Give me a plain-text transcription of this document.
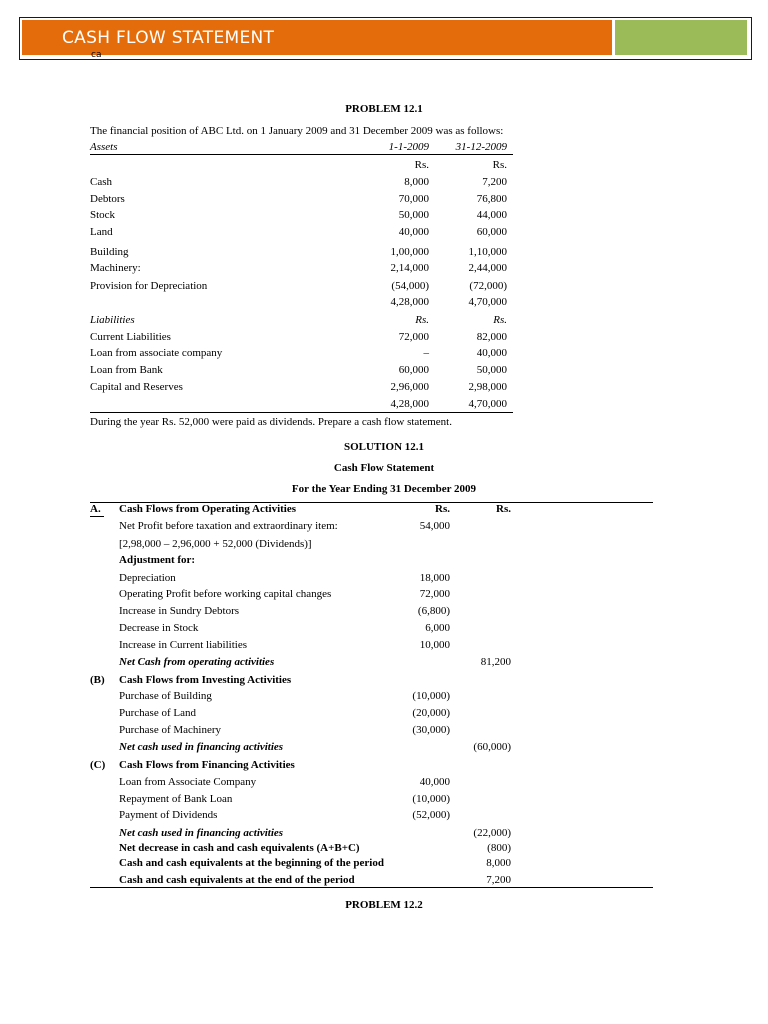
CASH FLOW STATEMENT
ca
PROBLEM 12.1
The financial position of ABC Ltd. on 1 January 2009 and 31 December 2009 was as follows:
Assets	1-1-2009	31-12-2009
Rs.	Rs.
Cash	8,000	7,200
Debtors	70,000	76,800
Stock	50,000	44,000
Land	40,000	60,000
Building	1,00,000	1,10,000
Machinery:	2,14,000	2,44,000
Provision for Depreciation	(54,000)	(72,000)
4,28,000	4,70,000
Liabilities	Rs.	Rs.
Current Liabilities	72,000	82,000
Loan from associate company	–	40,000
Loan from Bank	60,000	50,000
Capital and Reserves	2,96,000	2,98,000
4,28,000	4,70,000
During the year Rs. 52,000 were paid as dividends. Prepare a cash flow statement.
SOLUTION 12.1
Cash Flow Statement
For the Year Ending 31 December 2009
A. Cash Flows from Operating Activities	Rs.	Rs.
Net Profit before taxation and extraordinary item:	54,000
[2,98,000 – 2,96,000 + 52,000 (Dividends)]
Adjustment for:
Depreciation	18,000
Operating Profit before working capital changes	72,000
Increase in Sundry Debtors	(6,800)
Decrease in Stock	6,000
Increase in Current liabilities	10,000
Net Cash from operating activities	81,200
(B) Cash Flows from Investing Activities
Purchase of Building	(10,000)
Purchase of Land	(20,000)
Purchase of Machinery	(30,000)
Net cash used in financing activities	(60,000)
(C) Cash Flows from Financing Activities
Loan from Associate Company	40,000
Repayment of Bank Loan	(10,000)
Payment of Dividends	(52,000)
Net cash used in financing activities	(22,000)
Net decrease in cash and cash equivalents (A+B+C)	(800)
Cash and cash equivalents at the beginning of the period	8,000
Cash and cash equivalents at the end of the period	7,200
PROBLEM 12.2
